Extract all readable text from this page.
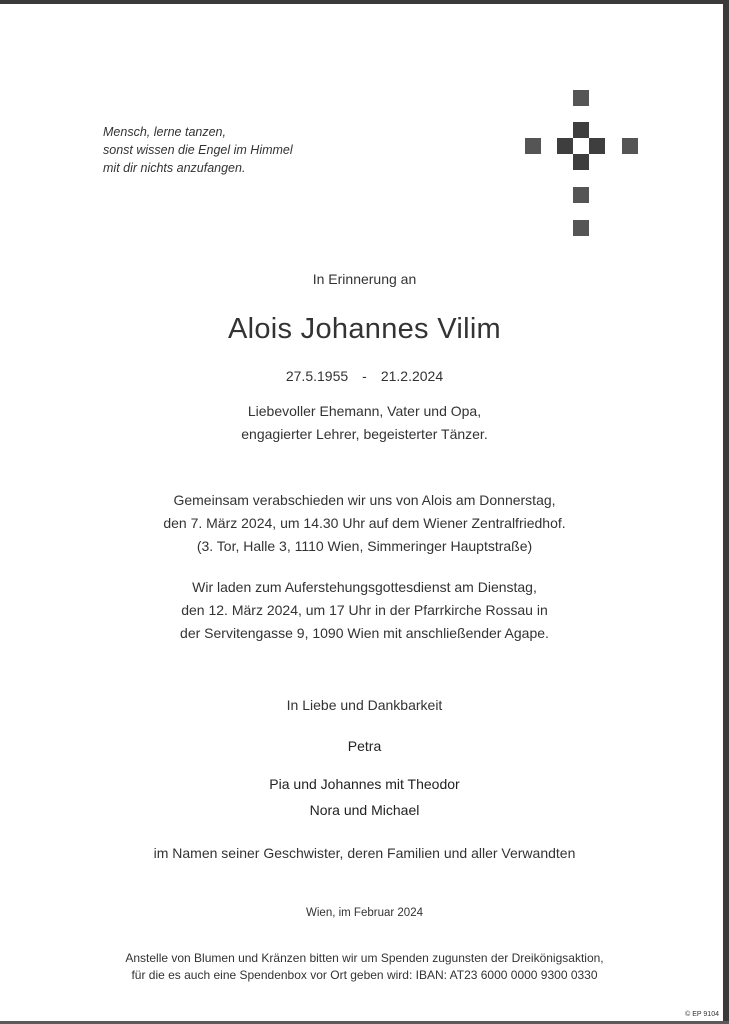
Mensch, lerne tanzen,
sonst wissen die Engel im Himmel
mit dir nichts anzufangen.
In Erinnerung an
Alois Johannes Vilim
27.5.1955 - 21.2.2024
Liebevoller Ehemann, Vater und Opa,
engagierter Lehrer, begeisterter Tänzer.
Gemeinsam verabschieden wir uns von Alois am Donnerstag,
den 7. März 2024, um 14.30 Uhr auf dem Wiener Zentralfriedhof.
(3. Tor, Halle 3, 1110 Wien, Simmeringer Hauptstraße)
Wir laden zum Auferstehungsgottesdienst am Dienstag,
den 12. März 2024, um 17 Uhr in der Pfarrkirche Rossau in
der Servitengasse 9, 1090 Wien mit anschließender Agape.
In Liebe und Dankbarkeit
Petra
Pia und Johannes mit Theodor
Nora und Michael
im Namen seiner Geschwister, deren Familien und aller Verwandten
Wien, im Februar 2024
Anstelle von Blumen und Kränzen bitten wir um Spenden zugunsten der Dreikönigsaktion,
für die es auch eine Spendenbox vor Ort geben wird: IBAN: AT23 6000 0000 9300 0330
© EP 9104
